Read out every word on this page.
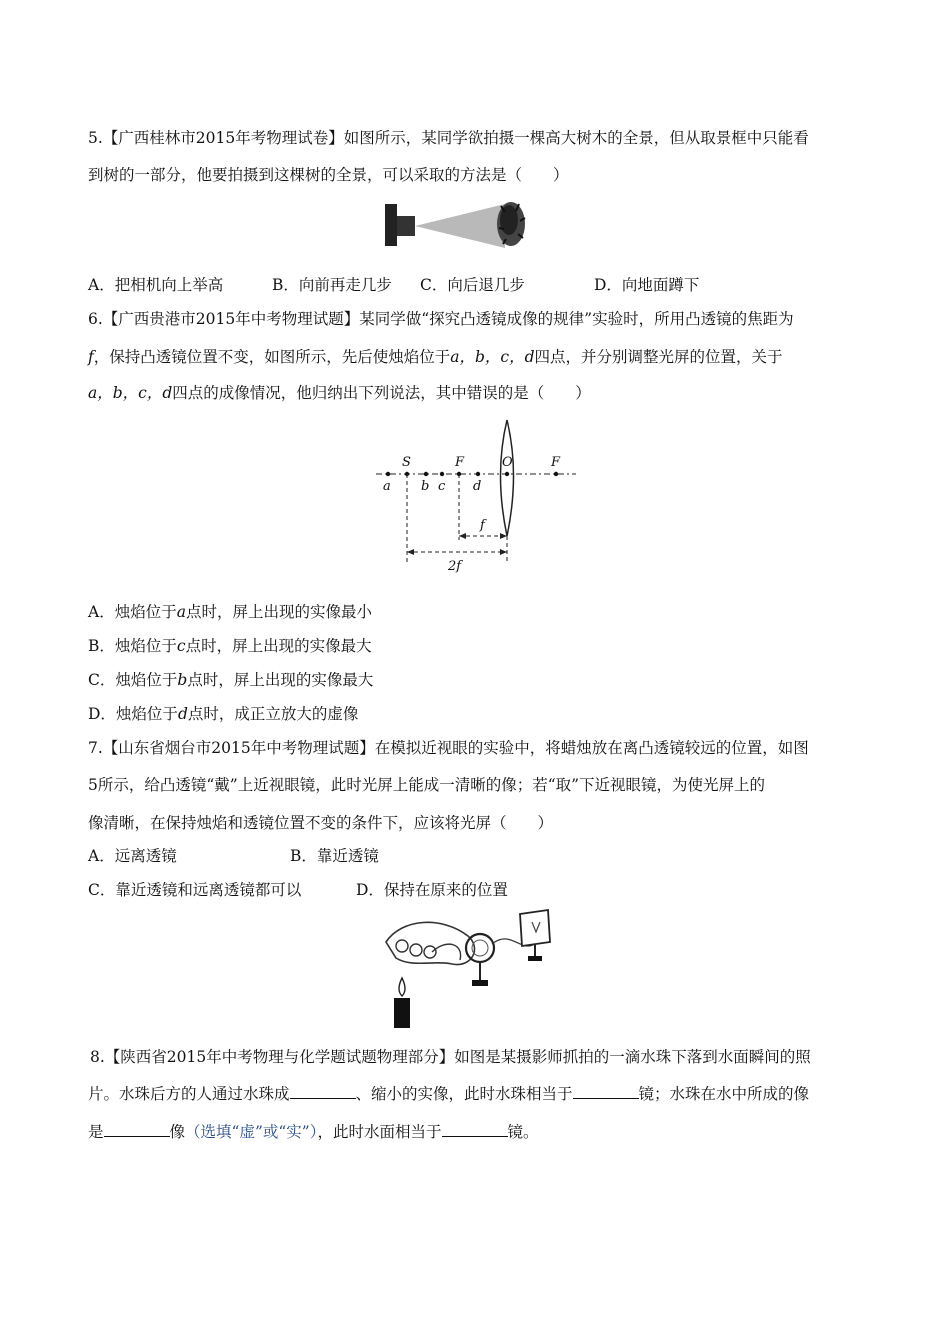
5.【广西桂林市2015年考物理试卷】如图所示，某同学欲拍摄一棵高大树木的全景，但从取景框中只能看
到树的一部分，他要拍摄到这棵树的全景，可以采取的方法是（　　）
A．把相机向上举高	B．向前再走几步 C．向后退几步	D．向地面蹲下
6.【广西贵港市2015年中考物理试题】某同学做“探究凸透镜成像的规律”实验时，所用凸透镜的焦距为
f，保持凸透镜位置不变，如图所示，先后使烛焰位于a，b，c，d四点，并分别调整光屏的位置，关于
a，b，c，d四点的成像情况，他归纳出下列说法，其中错误的是（　　）
S	F	O	F
a b c d
f
2f
A．烛焰位于a点时，屏上出现的实像最小
B．烛焰位于c点时，屏上出现的实像最大
C．烛焰位于b点时，屏上出现的实像最大
D．烛焰位于d点时，成正立放大的虚像
7.【山东省烟台市2015年中考物理试题】在模拟近视眼的实验中，将蜡烛放在离凸透镜较远的位置，如图
5所示，给凸透镜“戴”上近视眼镜，此时光屏上能成一清晰的像；若“取”下近视眼镜，为使光屏上的
像清晰，在保持烛焰和透镜位置不变的条件下，应该将光屏（　　）
A．远离透镜	B．靠近透镜
C．靠近透镜和远离透镜都可以	D．保持在原来的位置
8.【陕西省2015年中考物理与化学题试题物理部分】如图是某摄影师抓拍的一滴水珠下落到水面瞬间的照
片。水珠后方的人通过水珠成	、缩小的实像，此时水珠相当于	镜；水珠在水中所成的像
是	像（选填“虚”或“实”），此时水面相当于	镜。
